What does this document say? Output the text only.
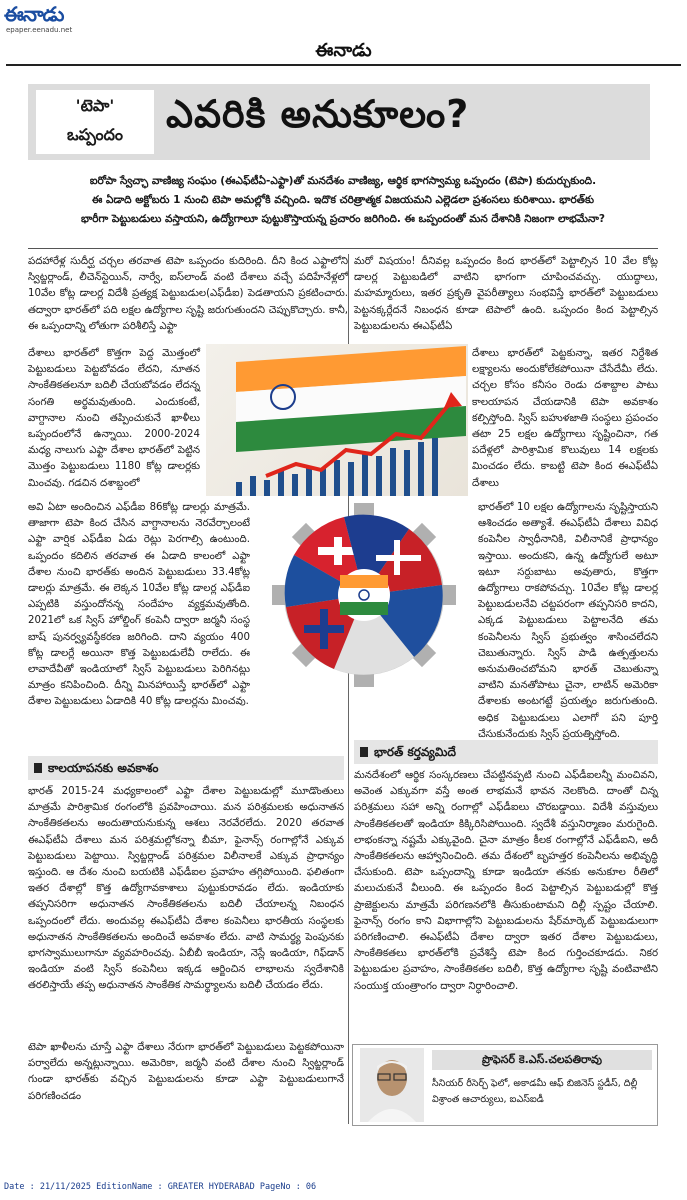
ఈనాడు
epaper.eenadu.net
ఈనాడు
'టెపా'
ఒప్పందం	ఎవరికి అనుకూలం?
ఐరోపా స్వేచ్ఛా వాణిజ్య సంఘం (ఈఎఫ్‌టీఏ-ఎఫ్టా)తో మనదేశం వాణిజ్య, ఆర్థిక భాగస్వామ్య ఒప్పందం (టెపా) కుదుర్చుకుంది.
ఈ ఏడాది అక్టోబరు 1 నుంచి టెపా అమల్లోకి వచ్చింది. ఇదొక చరిత్రాత్మక విజయమని ఎల్లెడలా ప్రశంసలు కురిశాయి. భారత్‌కు
భారీగా పెట్టుబడులు వస్తాయని, ఉద్యోగాలూ పుట్టుకొస్తాయన్న ప్రచారం జరిగింది. ఈ ఒప్పందంతో మన దేశానికి నిజంగా లాభమేనా?

పదహారేళ్ల సుదీర్ఘ చర్చల తరవాత టెపా ఒప్పందం కుదిరింది. దీని కింద ఎఫ్టాలోని స్విట్జర్లాండ్, లీచెన్‌స్టెయిన్, నార్వే, ఐస్‌లాండ్ వంటి దేశాలు వచ్చే పదిహేనేళ్లలో 10వేల కోట్ల డాలర్ల విదేశీ ప్రత్యక్ష పెట్టుబడుల(ఎఫ్‌డీఐ) పెడతాయని ప్రకటించారు. తద్వారా భారత్‌లో పది లక్షల ఉద్యోగాల సృష్టి జరుగుతుందని చెప్పుకొచ్చారు. కానీ, ఈ ఒప్పందాన్ని లోతుగా పరిశీలిస్తే ఎఫ్టా

దేశాలు భారత్‌లో కొత్తగా పెద్ద మొత్తంలో పెట్టుబడులు పెట్టబోవడం లేదని, నూతన సాంకేతికతలనూ బదిలీ చేయబోవడం లేదన్న సంగతి అర్థమవుతుంది. ఎందుకంటే, వాగ్దానాల నుంచి తప్పించుకునే ఖాళీలు ఒప్పందంలోనే ఉన్నాయి. 2000-2024 మధ్య నాలుగు ఎఫ్టా దేశాల భారత్‌లో పెట్టిన మొత్తం పెట్టుబడులు 1180 కోట్ల డాలర్లకు మించవు. గడచిన దశాబ్దంలో

అవి ఏటా అందించిన ఎఫ్‌డీఐ 86కోట్ల డాలర్లు మాత్రమే. తాజాగా టెపా కింద చేసిన వాగ్దానాలను నెరవేర్చాలంటే ఎఫ్టా వార్షిక ఎఫ్‌డీఐ ఏడు రెట్లు పెరగాల్సి ఉంటుంది. ఒప్పందం కదిలిన తరవాత ఈ ఏడాది కాలంలో ఎఫ్టా దేశాల నుంచి భారత్‌కు అందిన పెట్టుబడులు 33.4కోట్ల డాలర్లు మాత్రమే. ఈ లెక్కన 10వేల కోట్ల డాలర్ల ఎఫ్‌డీఐ ఎప్పటికి వస్తుందోనన్న సందేహం వ్యక్తమవుతోంది. 2021లో ఒక స్విస్ హోల్డింగ్ కంపెనీ ద్వారా జర్మనీ సంస్థ బాష్ పునర్వ్యవస్థీకరణ జరిగింది. దాని వ్యయం 400 కోట్ల డాలర్లే అయినా కొత్త పెట్టుబడులేవీ రాలేదు. ఈ లావాదేవీతో ఇండియాలో స్విస్ పెట్టుబడులు పెరిగినట్లు మాత్రం కనిపించింది. దీన్ని మినహాయిస్తే భారత్‌లో ఎఫ్టా దేశాల పెట్టుబడులు ఏడాదికి 40 కోట్ల డాలర్లను మించవు.

కాలయాపనకు అవకాశం

భారత్ 2015-24 మధ్యకాలంలో ఎఫ్టా దేశాల పెట్టుబడుల్లో మూడొంతులు మాత్రమే పారిశ్రామిక రంగంలోకి ప్రవహించాయి. మన పరిశ్రమలకు అధునాతన సాంకేతికతలను అందుతాయనుకున్న ఆశలు నెరవేరలేదు. 2020 తరవాత ఈఎఫ్‌టీఏ దేశాలు మన పరిశ్రమల్లోకన్నా బీమా, ఫైనాన్స్ రంగాల్లోనే ఎక్కువ పెట్టుబడులు పెట్టాయి. స్విట్జర్లాండ్ పరిశ్రమల విలీనాలకే ఎక్కువ ప్రాధాన్యం ఇస్తుంది. ఆ దేశం నుంచి బయటికి ఎఫ్‌డీఐల ప్రవాహం తగ్గిపోయింది. ఫలితంగా ఇతర దేశాల్లో కొత్త ఉద్యోగావకాశాలు పుట్టుకురావడం లేదు. ఇండియాకు తప్పనిసరిగా అధునాతన సాంకేతికతలను బదిలీ చేయాలన్న నిబంధన ఒప్పందంలో లేదు. అందువల్ల ఈఎఫ్‌టీఏ దేశాల కంపెనీలు భారతీయ సంస్థలకు అధునాతన సాంకేతికతలను అందించే అవకాశం లేదు. వాటి సామర్థ్య పెంపునకు భాగస్వాములుగానూ వ్యవహరించవు. ఏబీబీ ఇండియా, నెస్లే ఇండియా, గిఫ్‌డాన్ ఇండియా వంటి స్విస్ కంపెనీలు ఇక్కడ ఆర్జించిన లాభాలను స్వదేశానికి తరలిస్తాయే తప్ప అధునాతన సాంకేతిక సామర్థ్యాలను బదిలీ చేయడం లేదు.

టెపా ఖాళీలను చూస్తే ఎఫ్టా దేశాలు నేరుగా భారత్‌లో పెట్టుబడులు పెట్టకపోయినా పర్వాలేదు అన్నట్లున్నాయి. అమెరికా, జర్మనీ వంటి దేశాల నుంచి స్విట్జర్లాండ్ గుండా భారత్‌కు వచ్చిన పెట్టుబడులను కూడా ఎఫ్టా పెట్టుబడులుగానే పరిగణించడం

మరో విషయం! దీనివల్ల ఒప్పందం కింద భారత్‌లో పెట్టాల్సిన 10 వేల కోట్ల డాలర్ల పెట్టుబడిలో వాటిని భాగంగా చూపించవచ్చు. యుద్ధాలు, మహమ్మారులు, ఇతర ప్రకృతి వైపరీత్యాలు సంభవిస్తే భారత్‌లో పెట్టుబడులు పెట్టనక్కర్లేదనే నిబంధన కూడా టెపాలో ఉంది. ఒప్పందం కింద పెట్టాల్సిన పెట్టుబడులను ఈఎఫ్‌టీఏ

దేశాలు భారత్‌లో పెట్టకున్నా, ఇతర నిర్దేశిత లక్ష్యాలను అందుకోలేకపోయినా చేసేదేమీ లేదు. చర్చల కోసం కనీసం రెండు దశాబ్దాల పాటు కాలయాపన చేయడానికి టెపా అవకాశం కల్పిస్తోంది. స్విస్ బహుళజాతి సంస్థలు ప్రపంచం తటా 25 లక్షల ఉద్యోగాలు సృష్టించినా, గత పదేళ్లలో పారిశ్రామిక కొలువులు 14 లక్షలకు మించడం లేదు. కాబట్టి టెపా కింద ఈఎఫ్‌టీఏ దేశాలు

భారత్‌లో 10 లక్షల ఉద్యోగాలను సృష్టిస్తాయని ఆశించడం అత్యాశే. ఈఎఫ్‌టీఏ దేశాలు వివిధ కంపెనీల స్వాధీనానికి, విలీనానికే ప్రాధాన్యం ఇస్తాయి. అందుకని, ఉన్న ఉద్యోగులే అటూ ఇటూ సర్దుబాటు అవుతారు, కొత్తగా ఉద్యోగాలు రాకపోవచ్చు. 10వేల కోట్ల డాలర్ల పెట్టుబడులనేవి చట్టపరంగా తప్పనిసరి కాదని, ఎక్కడ పెట్టుబడులు పెట్టాలనేది తమ కంపెనీలను స్విస్ ప్రభుత్వం శాసించలేదని చెబుతున్నారు. స్విస్ పాడి ఉత్పత్తులను అనుమతించబోమని భారత్ చెబుతున్నా వాటిని మనతోపాటు చైనా, లాటిన్ అమెరికా దేశాలకు అంటగట్టే ప్రయత్నం జరుగుతుంది. అధిక పెట్టుబడులు ఎలాగో పని పూర్తి చేసుకునేందుకు స్విస్ ప్రయత్నిస్తోంది.

భారత్ కర్తవ్యమిదే

మనదేశంలో ఆర్థిక సంస్కరణలు చేపట్టినప్పటి నుంచి ఎఫ్‌డీఐలన్నీ మంచివని, అవెంత ఎక్కువగా వస్తే అంత లాభమనే భావన నెలకొంది. దాంతో చిన్న పరిశ్రమలు సహా అన్ని రంగాల్లో ఎఫ్‌డీఐలు చొరబడ్డాయి. విదేశీ వస్తువులు సాంకేతికతలతో ఇండియా కిక్కిరిసిపోయింది. స్వదేశీ వస్తునిర్మాణం మరుగైంది. లాభంకన్నా నష్టమే ఎక్కువైంది. చైనా మాత్రం కీలక రంగాల్లోనే ఎఫ్‌డీఐని, అదీ సాంకేతికతలను ఆహ్వానించింది. తమ దేశంలో బృహత్తర కంపెనీలను అభివృద్ధి చేసుకుంది. టెపా ఒప్పందాన్ని కూడా ఇండియా తనకు అనుకూల రీతిలో మలుచుకునే వీలుంది. ఈ ఒప్పందం కింద పెట్టాల్సిన పెట్టుబడుల్లో కొత్త ప్రాజెక్టులను మాత్రమే పరిగణనలోకి తీసుకుంటామని దిల్లీ స్పష్టం చేయాలి. ఫైనాన్స్ రంగం కాని విభాగాల్లోని పెట్టుబడులను షేర్‌మార్కెట్ పెట్టుబడులుగా పరిగణించాలి. ఈఎఫ్‌టీఏ దేశాల ద్వారా ఇతర దేశాల పెట్టుబడులు, సాంకేతికతలు భారత్‌లోకి ప్రవేశిస్తే టెపా కింద గుర్తించకూడదు. నికర పెట్టుబడుల ప్రవాహం, సాంకేతికతల బదిలీ, కొత్త ఉద్యోగాల సృష్టి వంటివాటిని సంయుక్త యంత్రాంగం ద్వారా నిర్ధారించాలి.

ప్రొఫెసర్ కె.ఎస్.చలపతిరావు
సీనియర్ రీసెర్చ్ ఫెలో, అకాడమీ ఆఫ్ బిజినెస్ స్టడీస్, దిల్లీ విశ్రాంత ఆచార్యులు, ఐఎస్‌ఐడీ
Date : 21/11/2025 EditionName : GREATER HYDERABAD PageNo : 06
